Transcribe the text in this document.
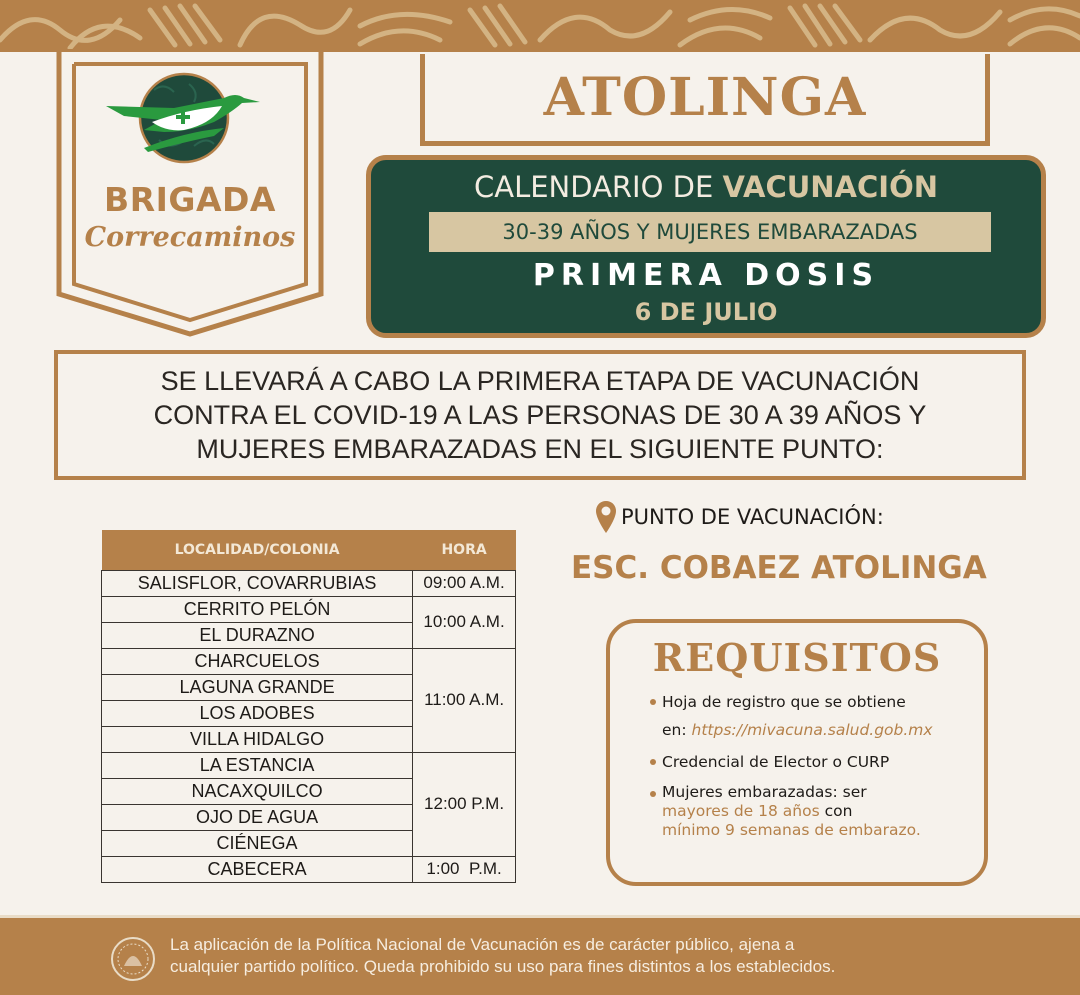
BRIGADA
Correcaminos
ATOLINGA
CALENDARIO DE VACUNACIÓN
30-39 AÑOS Y MUJERES EMBARAZADAS
PRIMERA DOSIS
6 DE JULIO
SE LLEVARÁ A CABO LA PRIMERA ETAPA DE VACUNACIÓN
CONTRA EL COVID-19 A LAS PERSONAS DE 30 A 39 AÑOS Y
MUJERES EMBARAZADAS EN EL SIGUIENTE PUNTO:
LOCALIDAD/COLONIA	HORA
SALISFLOR, COVARRUBIAS	09:00 A.M.
CERRITO PELÓN	10:00 A.M.
EL DURAZNO	
CHARCUELOS	11:00 A.M.
LAGUNA GRANDE	
LOS ADOBES	
VILLA HIDALGO	
LA ESTANCIA	12:00 P.M.
NACAXQUILCO	
OJO DE AGUA	
CIÉNEGA	
CABECERA	1:00  P.M.
PUNTO DE VACUNACIÓN:
ESC. COBAEZ ATOLINGA
REQUISITOS
Hoja de registro que se obtiene
en: https://mivacuna.salud.gob.mx
Credencial de Elector o CURP
Mujeres embarazadas: ser
mayores de 18 años con
mínimo 9 semanas de embarazo.
La aplicación de la Política Nacional de Vacunación es de carácter público, ajena a
cualquier partido político. Queda prohibido su uso para fines distintos a los establecidos.
